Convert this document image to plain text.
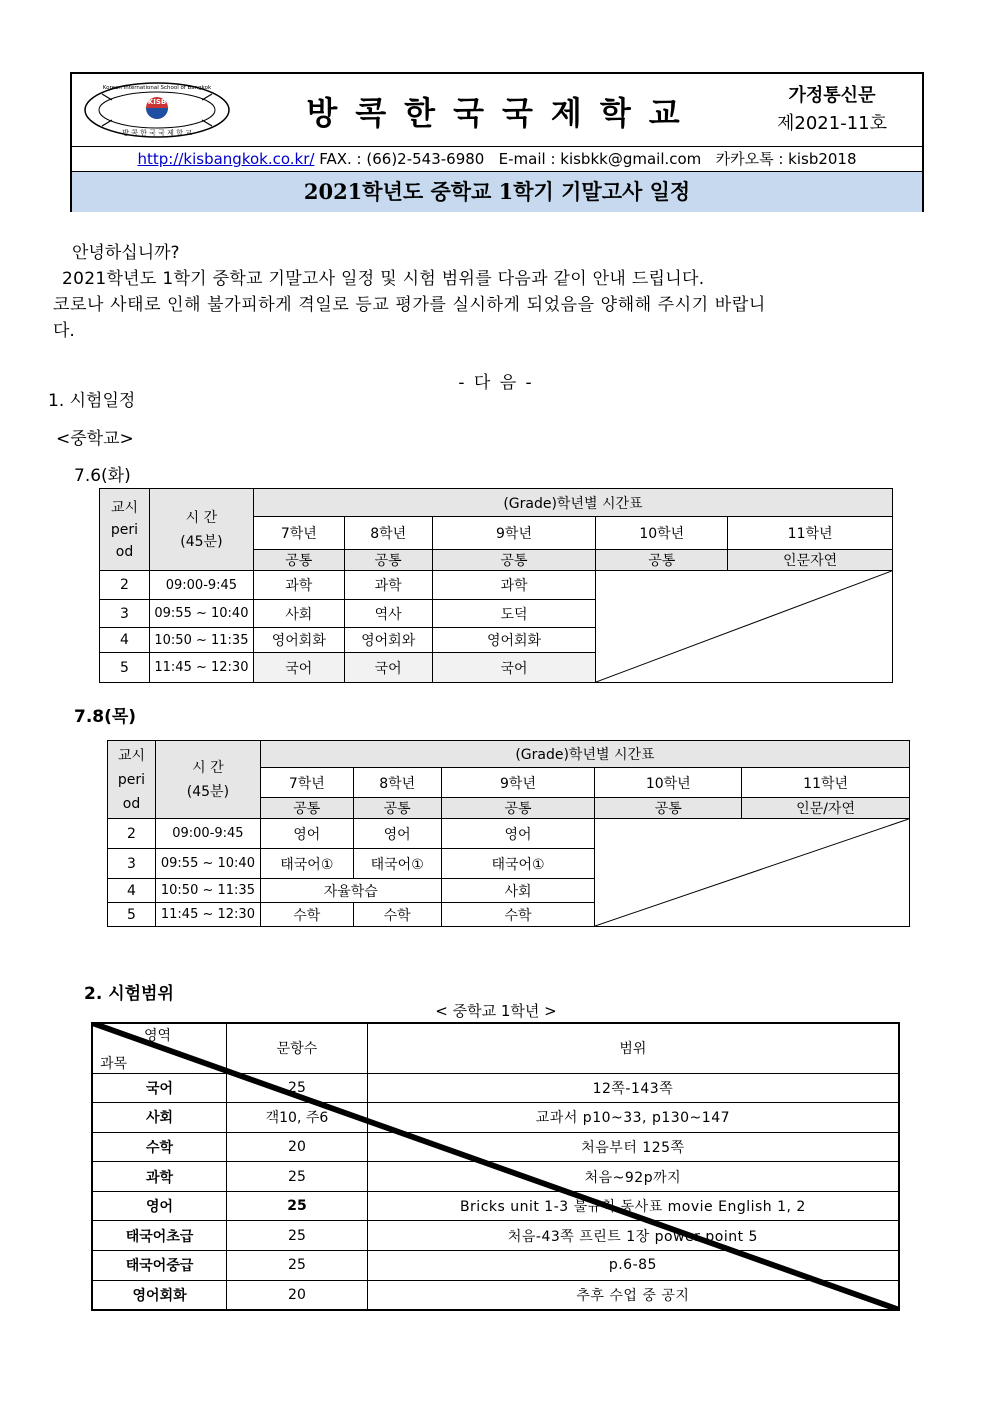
Korean International School of Bangkok
KISB
방 콕 한 국 국 제 학 교
방콕한국국제학교	가정통신문
제2021-11호
http://kisbangkok.co.kr/ FAX. : (66)2-543-6980   E-mail : kisbkk@gmail.com   카카오톡 : kisb2018
2021학년도 중학교 1학기 기말고사 일정
안녕하십니까?
2021학년도 1학기 중학교 기말고사 일정 및 시험 범위를 다음과 같이 안내 드립니다.
코로나 사태로 인해 불가피하게 격일로 등교 평가를 실시하게 되었음을 양해해 주시기 바랍니
다.
- 다 음 -
1. 시험일정
<중학교>
7.6(화)
교시 period	시 간 (45분)	(Grade)학년별 시간표				
		7학년	8학년	9학년	10학년	11학년
		공통	공통	공통	공통	인문자연
2	09:00-9:45	과학	과학	과학	

3	09:55 ~ 10:40	사회	역사	도덕		
4	10:50 ~ 11:35	영어회화	영어회와	영어회화		
5	11:45 ~ 12:30	국어	국어	국어		
7.8(목)
교시 period	시 간 (45분)	(Grade)학년별 시간표				
		7학년	8학년	9학년	10학년	11학년
		공통	공통	공통	공통	인문/자연
2	09:00-9:45	영어	영어	영어	

3	09:55 ~ 10:40	태국어①	태국어①	태국어①		
4	10:50 ~ 11:35	자율학습		사회		
5	11:45 ~ 12:30	수학	수학	수학		
2. 시험범위
< 중학교 1학년 >
영역
과목	문항수	범위
국어	25	12쪽-143쪽
사회	객10, 주6	교과서 p10~33, p130~147
수학	20	처음부터 125쪽
과학	25	처음~92p까지
영어	25	Bricks unit 1-3 불규칙 동사표 movie English 1, 2
태국어초급	25	처음-43쪽 프린트 1장 power point 5
태국어중급	25	p.6-85
영어회화	20	추후 수업 중 공지
